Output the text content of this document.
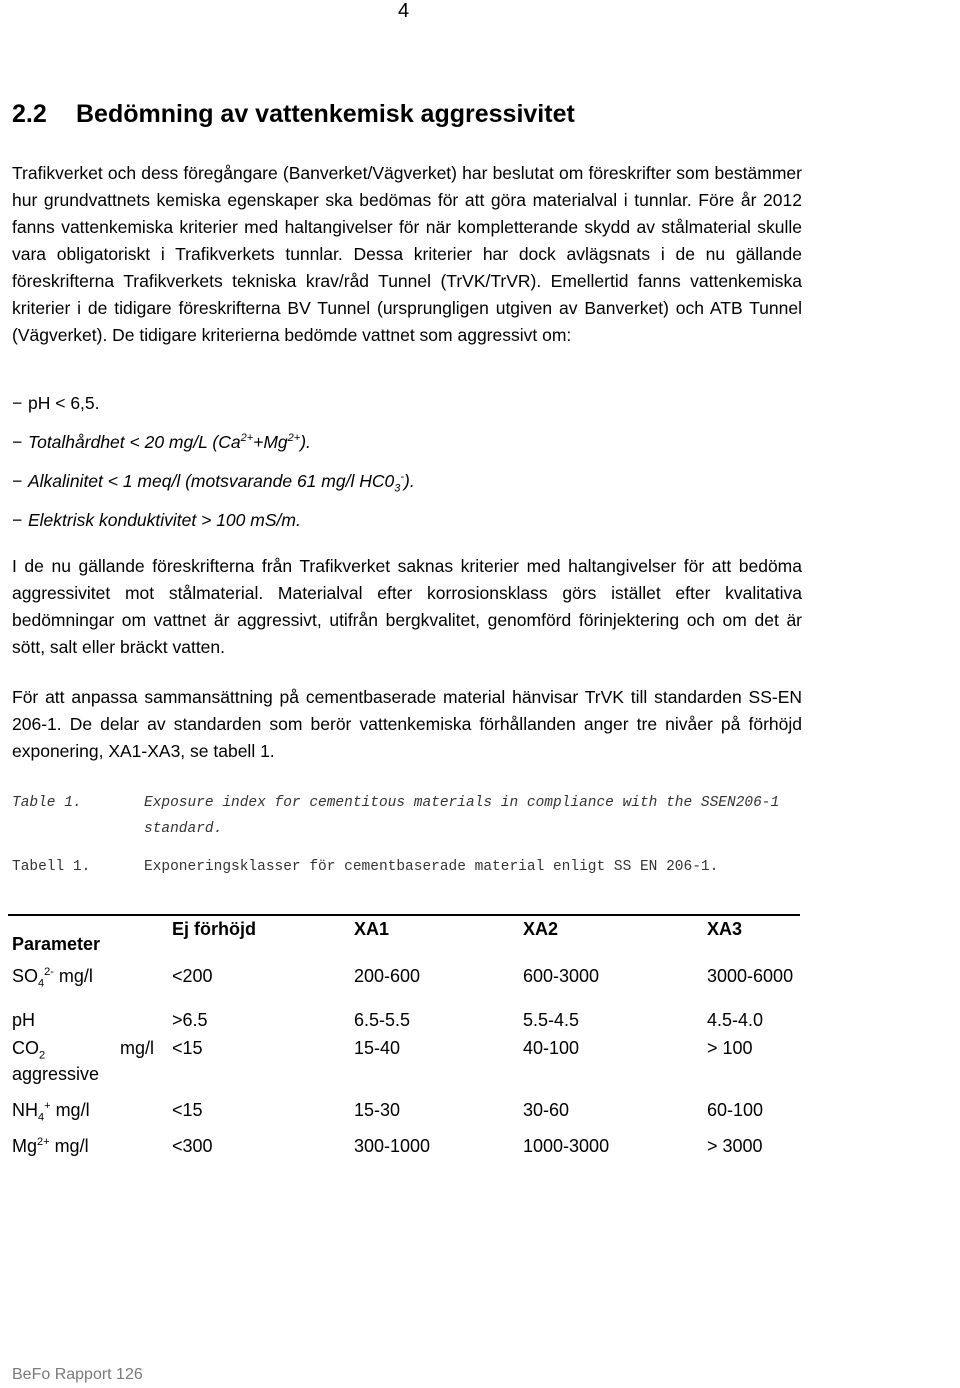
4
2.2 Bedömning av vattenkemisk aggressivitet

Trafikverket och dess föregångare (Banverket/Vägverket) har beslutat om föreskrifter som bestämmer hur grundvattnets kemiska egenskaper ska bedömas för att göra materialval i tunnlar. Före år 2012 fanns vattenkemiska kriterier med haltangivelser för när kompletterande skydd av stålmaterial skulle vara obligatoriskt i Trafikverkets tunnlar. Dessa kriterier har dock avlägsnats i de nu gällande föreskrifterna Trafikverkets tekniska krav/råd Tunnel (TrVK/TrVR). Emellertid fanns vattenkemiska kriterier i de tidigare föreskrifterna BV Tunnel (ursprungligen utgiven av Banverket) och ATB Tunnel (Vägverket). De tidigare kriterierna bedömde vattnet som aggressivt om:

− pH < 6,5.
− Totalhårdhet < 20 mg/L $(Ca^{2+}+Mg^{2+})$.
− Alkalinitet < 1 meq/l (motsvarande 61 mg/l $HC0_3^-$).
− Elektrisk konduktivitet > 100 mS/m.

I de nu gällande föreskrifterna från Trafikverket saknas kriterier med haltangivelser för att bedöma aggressivitet mot stålmaterial. Materialval efter korrosionsklass görs istället efter kvalitativa bedömningar om vattnet är aggressivt, utifrån bergkvalitet, genomförd förinjektering och om det är sött, salt eller bräckt vatten.

För att anpassa sammansättning på cementbaserade material hänvisar TrVK till standarden SS-EN 206-1. De delar av standarden som berör vattenkemiska förhållanden anger tre nivåer på förhöjd exponering, XA1-XA3, se tabell 1.

Table 1.	Exposure index for cementitous materials in compliance with the SSEN206-1 standard.
Tabell 1.	Exponeringsklasser för cementbaserade material enligt SS EN 206-1.
Parameter	Ej förhöjd	XA1	XA2	XA3
$SO_4^{2-}$ mg/l	<200	200-600	600-3000	3000-6000
pH	>6.5	6.5-5.5	5.5-4.5	4.5-4.0

$CO_2$ mg/l	<15	15-40	40-100	> 100
aggressive				
$NH_4^+$ mg/l	<15	15-30	30-60	60-100
$Mg^{2+}$ mg/l	<300	300-1000	1000-3000	> 3000
BeFo Rapport 126
